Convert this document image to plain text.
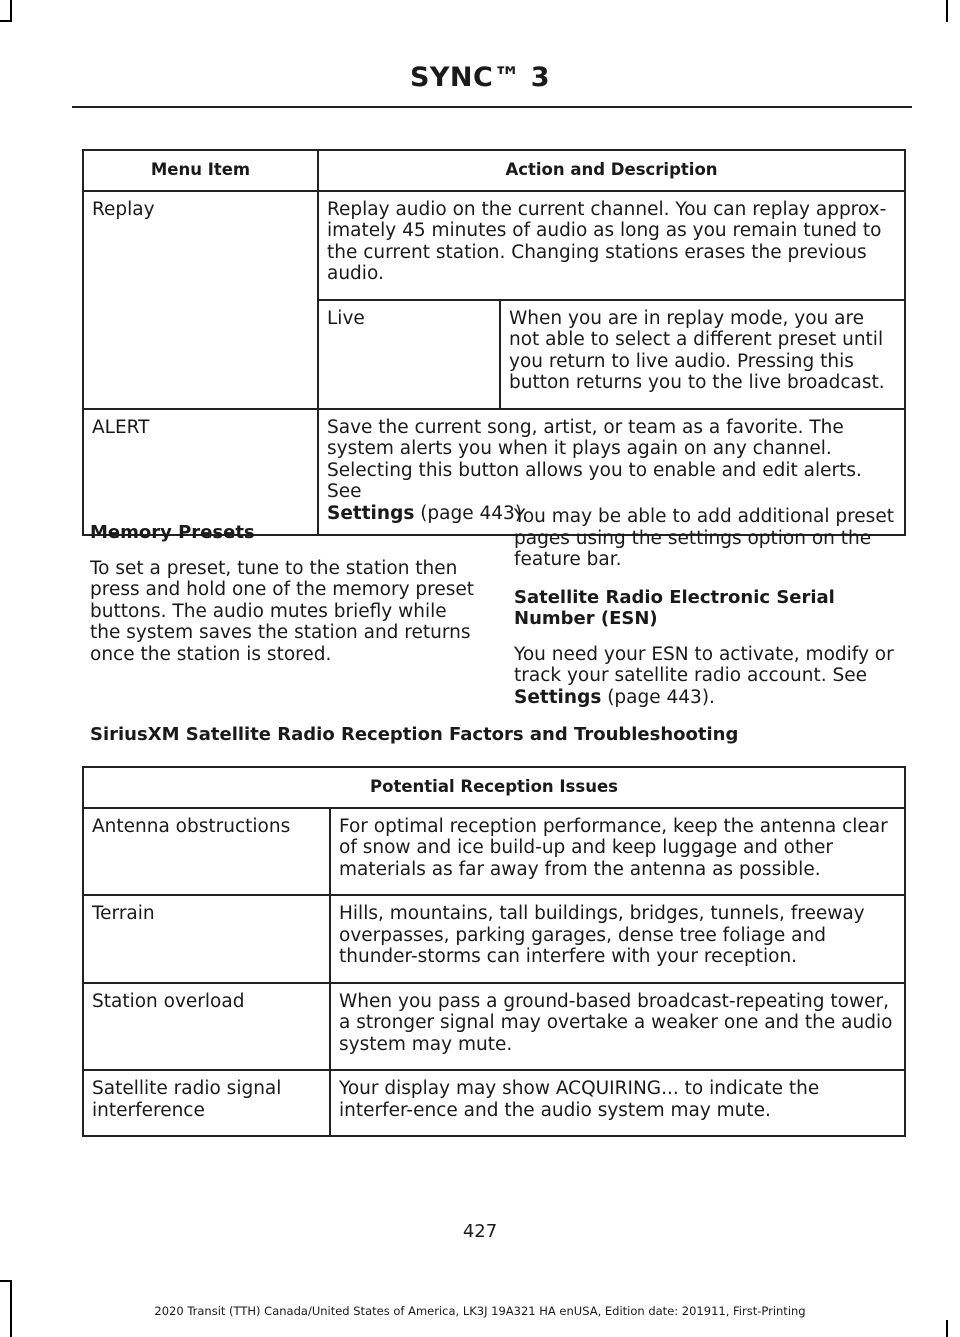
SYNC™ 3
Menu Item	Action and Description	
Replay	Replay audio on the current channel. You can replay approx-imately 45 minutes of audio as long as you remain tuned to the current station. Changing stations erases the previous audio.	
	Live	When you are in replay mode, you are not able to select a different preset until you return to live audio. Pressing this button returns you to the live broadcast.
ALERT	Save the current song, artist, or team as a favorite. The system alerts you when it plays again on any channel.
Selecting this button allows you to enable and edit alerts. See
Settings (page 443).	
Memory Presets

To set a preset, tune to the station then press and hold one of the memory preset buttons. The audio mutes briefly while the system saves the station and returns once the station is stored.

You may be able to add additional preset pages using the settings option on the feature bar.

Satellite Radio Electronic Serial Number (ESN)

You need your ESN to activate, modify or track your satellite radio account. See
Settings (page 443).

SiriusXM Satellite Radio Reception Factors and Troubleshooting
Potential Reception Issues	
Antenna obstructions	For optimal reception performance, keep the antenna clear of snow and ice build-up and keep luggage and other materials as far away from the antenna as possible.
Terrain	Hills, mountains, tall buildings, bridges, tunnels, freeway overpasses, parking garages, dense tree foliage and thunder-storms can interfere with your reception.
Station overload	When you pass a ground-based broadcast-repeating tower, a stronger signal may overtake a weaker one and the audio system may mute.
Satellite radio signal interference	Your display may show ACQUIRING... to indicate the interfer-ence and the audio system may mute.
427
2020 Transit (TTH) Canada/United States of America, LK3J 19A321 HA enUSA, Edition date: 201911, First-Printing
